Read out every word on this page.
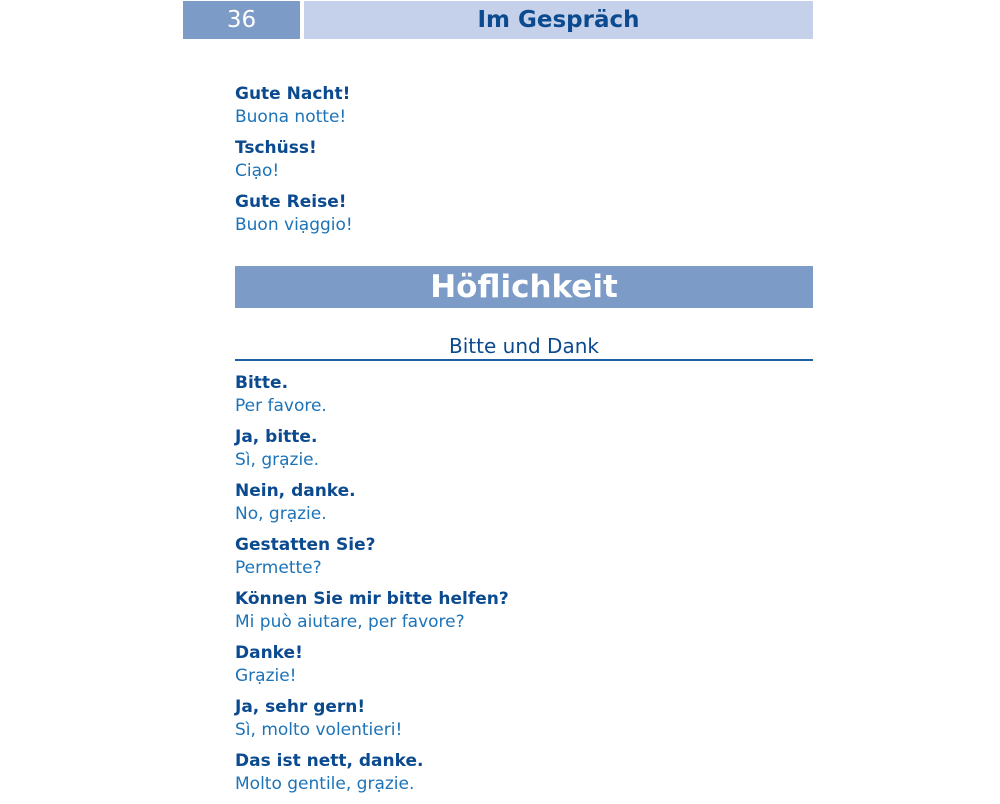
36	Im Gespräch
Gute Nacht!
Buona notte!
Tschüss!
Ciạo!
Gute Reise!
Buon viạggio!
Höflichkeit
Bitte und Dank
Bitte.
Per favore.
Ja, bitte.
Sì, grạzie.
Nein, danke.
No, grạzie.
Gestatten Sie?
Permette?
Können Sie mir bitte helfen?
Mi può aiutare, per favore?
Danke!
Grạzie!
Ja, sehr gern!
Sì, molto volentieri!
Das ist nett, danke.
Molto gentile, grạzie.
